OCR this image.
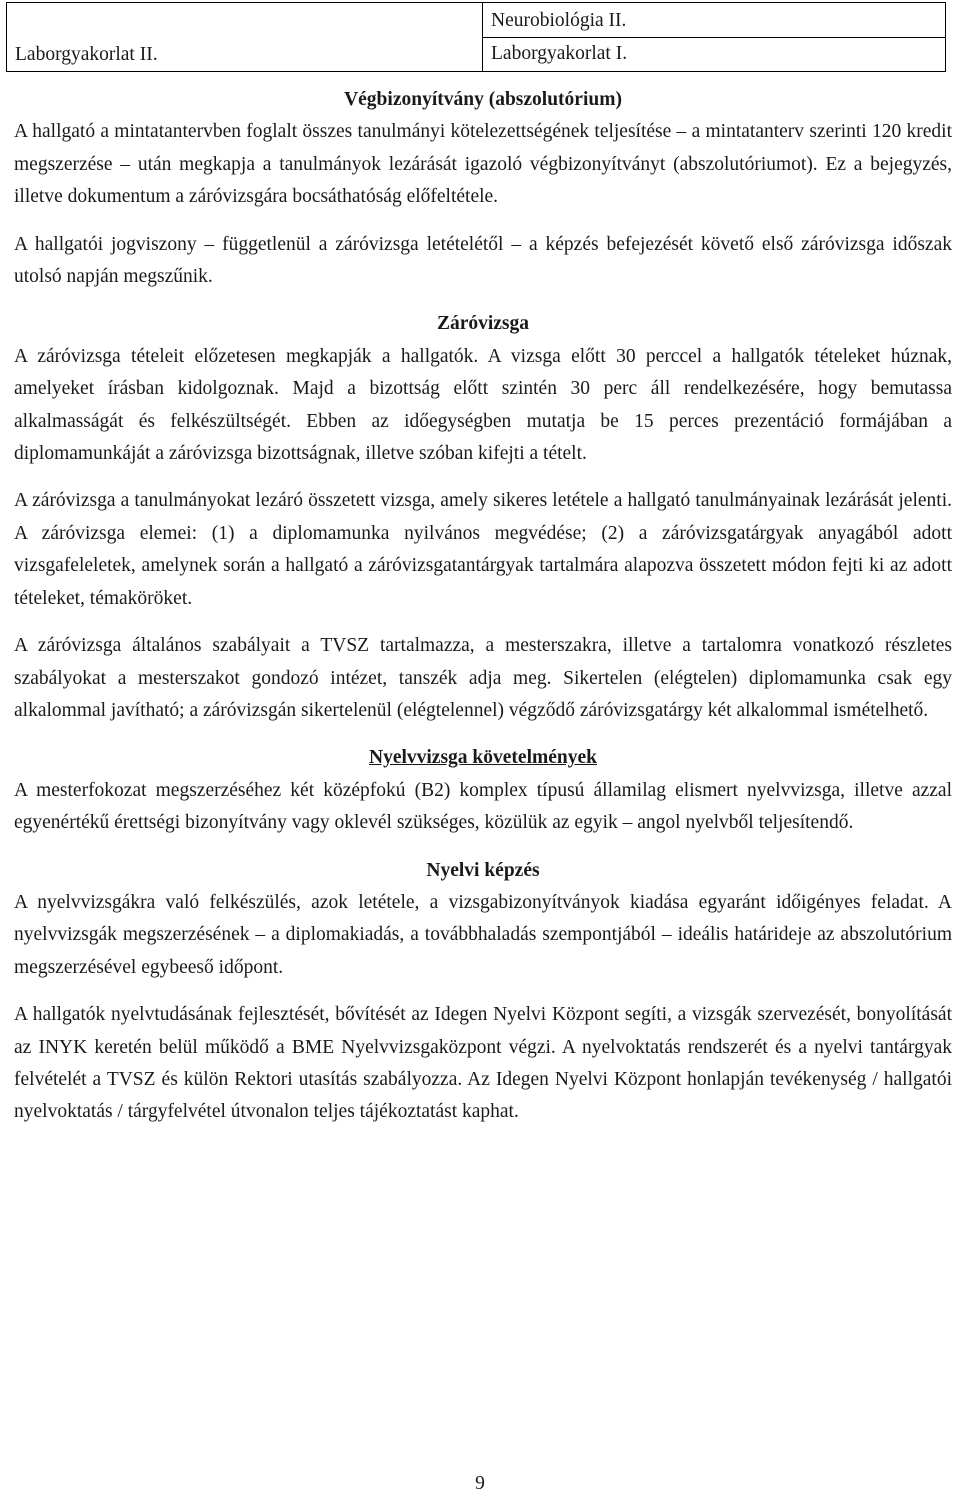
Laborgyakorlat II.
Neurobiológia II.
Laborgyakorlat I.
Végbizonyítvány (abszolutórium)

A hallgató a mintatantervben foglalt összes tanulmányi kötelezettségének teljesítése – a mintatanterv szerinti 120 kredit megszerzése – után megkapja a tanulmányok lezárását igazoló végbizonyítványt (abszolutóriumot). Ez a bejegyzés, illetve dokumentum a záróvizsgára bocsáthatóság előfeltétele.

A hallgatói jogviszony – függetlenül a záróvizsga letételétől – a képzés befejezését követő első záróvizsga időszak utolsó napján megszűnik.

Záróvizsga

A záróvizsga tételeit előzetesen megkapják a hallgatók. A vizsga előtt 30 perccel a hallgatók tételeket húznak, amelyeket írásban kidolgoznak. Majd a bizottság előtt szintén 30 perc áll rendelkezésére, hogy bemutassa alkalmasságát és felkészültségét. Ebben az időegységben mutatja be 15 perces prezentáció formájában a diplomamunkáját a záróvizsga bizottságnak, illetve szóban kifejti a tételt.

A záróvizsga a tanulmányokat lezáró összetett vizsga, amely sikeres letétele a hallgató tanulmányainak lezárását jelenti. A záróvizsga elemei: (1) a diplomamunka nyilvános megvédése; (2) a záróvizsgatárgyak anyagából adott vizsgafeleletek, amelynek során a hallgató a záróvizsgatantárgyak tartalmára alapozva összetett módon fejti ki az adott tételeket, témaköröket.

A záróvizsga általános szabályait a TVSZ tartalmazza, a mesterszakra, illetve a tartalomra vonatkozó részletes szabályokat a mesterszakot gondozó intézet, tanszék adja meg. Sikertelen (elégtelen) diplomamunka csak egy alkalommal javítható; a záróvizsgán sikertelenül (elégtelennel) végződő záróvizsgatárgy két alkalommal ismételhető.

Nyelvvizsga követelmények

A mesterfokozat megszerzéséhez két középfokú (B2) komplex típusú államilag elismert nyelvvizsga, illetve azzal egyenértékű érettségi bizonyítvány vagy oklevél szükséges, közülük az egyik – angol nyelvből teljesítendő.

Nyelvi képzés

A nyelvvizsgákra való felkészülés, azok letétele, a vizsgabizonyítványok kiadása egyaránt időigényes feladat. A nyelvvizsgák megszerzésének – a diplomakiadás, a továbbhaladás szempontjából – ideális határideje az abszolutórium megszerzésével egybeeső időpont.

A hallgatók nyelvtudásának fejlesztését, bővítését az Idegen Nyelvi Központ segíti, a vizsgák szervezését, bonyolítását az INYK keretén belül működő a BME Nyelvvizsgaközpont végzi. A nyelvoktatás rendszerét és a nyelvi tantárgyak felvételét a TVSZ és külön Rektori utasítás szabályozza. Az Idegen Nyelvi Központ honlapján tevékenység / hallgatói nyelvoktatás / tárgyfelvétel útvonalon teljes tájékoztatást kaphat.

9
